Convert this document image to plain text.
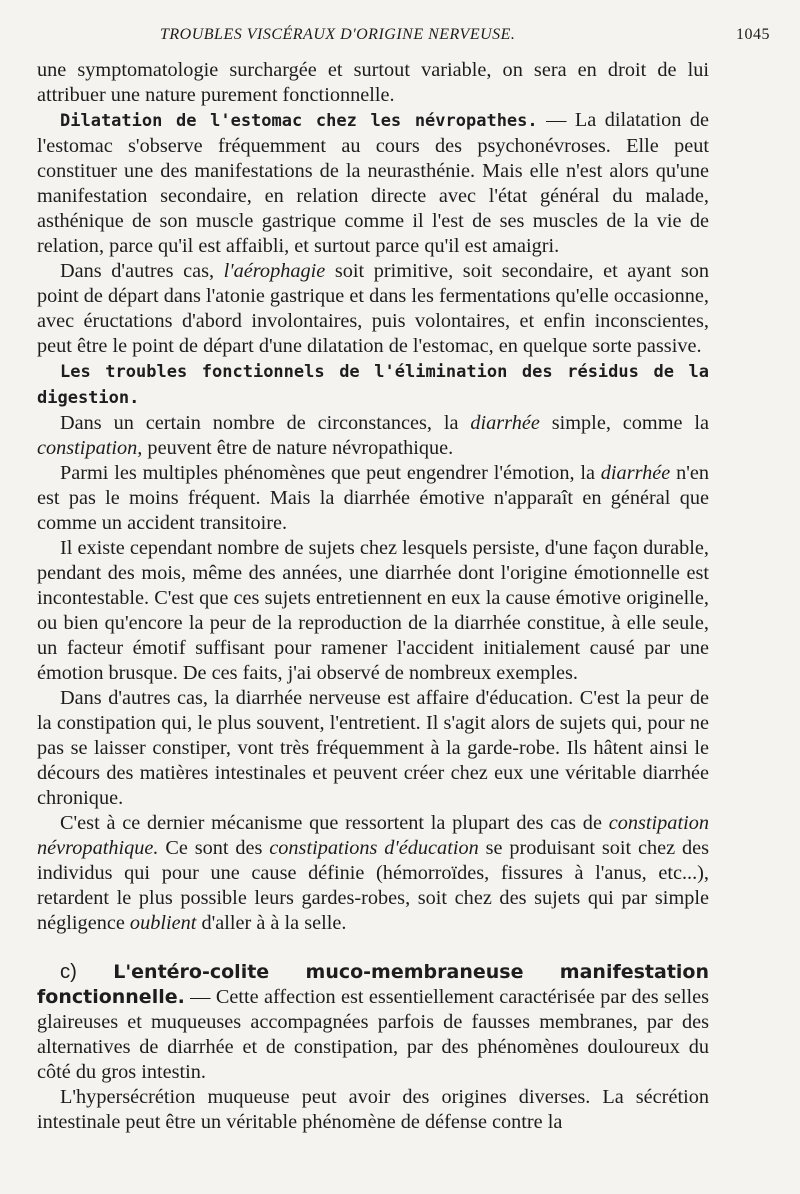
TROUBLES VISCÉRAUX D'ORIGINE NERVEUSE.	1045

une symptomatologie surchargée et surtout variable, on sera en droit de lui attribuer une nature purement fonctionnelle.

Dilatation de l'estomac chez les névropathes. — La dilatation de l'estomac s'observe fréquemment au cours des psychonévroses. Elle peut constituer une des manifestations de la neurasthénie. Mais elle n'est alors qu'une manifestation secondaire, en relation directe avec l'état général du malade, asthénique de son muscle gastrique comme il l'est de ses muscles de la vie de relation, parce qu'il est affaibli, et surtout parce qu'il est amaigri.

Dans d'autres cas, l'aérophagie soit primitive, soit secondaire, et ayant son point de départ dans l'atonie gastrique et dans les fermentations qu'elle occasionne, avec éructations d'abord involontaires, puis volontaires, et enfin inconscientes, peut être le point de départ d'une dilatation de l'estomac, en quelque sorte passive.

Les troubles fonctionnels de l'élimination des résidus de la digestion.

Dans un certain nombre de circonstances, la diarrhée simple, comme la constipation, peuvent être de nature névropathique.

Parmi les multiples phénomènes que peut engendrer l'émotion, la diarrhée n'en est pas le moins fréquent. Mais la diarrhée émotive n'apparaît en général que comme un accident transitoire.

Il existe cependant nombre de sujets chez lesquels persiste, d'une façon durable, pendant des mois, même des années, une diarrhée dont l'origine émotionnelle est incontestable. C'est que ces sujets entretiennent en eux la cause émotive originelle, ou bien qu'encore la peur de la reproduction de la diarrhée constitue, à elle seule, un facteur émotif suffisant pour ramener l'accident initialement causé par une émotion brusque. De ces faits, j'ai observé de nombreux exemples.

Dans d'autres cas, la diarrhée nerveuse est affaire d'éducation. C'est la peur de la constipation qui, le plus souvent, l'entretient. Il s'agit alors de sujets qui, pour ne pas se laisser constiper, vont très fréquemment à la garde-robe. Ils hâtent ainsi le décours des matières intestinales et peuvent créer chez eux une véritable diarrhée chronique.

C'est à ce dernier mécanisme que ressortent la plupart des cas de constipation névropathique. Ce sont des constipations d'éducation se produisant soit chez des individus qui pour une cause définie (hémorroïdes, fissures à l'anus, etc...), retardent le plus possible leurs gardes-robes, soit chez des sujets qui par simple négligence oublient d'aller à à la selle.

c) L'entéro-colite muco-membraneuse manifestation fonctionnelle. — Cette affection est essentiellement caractérisée par des selles glaireuses et muqueuses accompagnées parfois de fausses membranes, par des alternatives de diarrhée et de constipation, par des phénomènes douloureux du côté du gros intestin.

L'hypersécrétion muqueuse peut avoir des origines diverses. La sécrétion intestinale peut être un véritable phénomène de défense contre la
